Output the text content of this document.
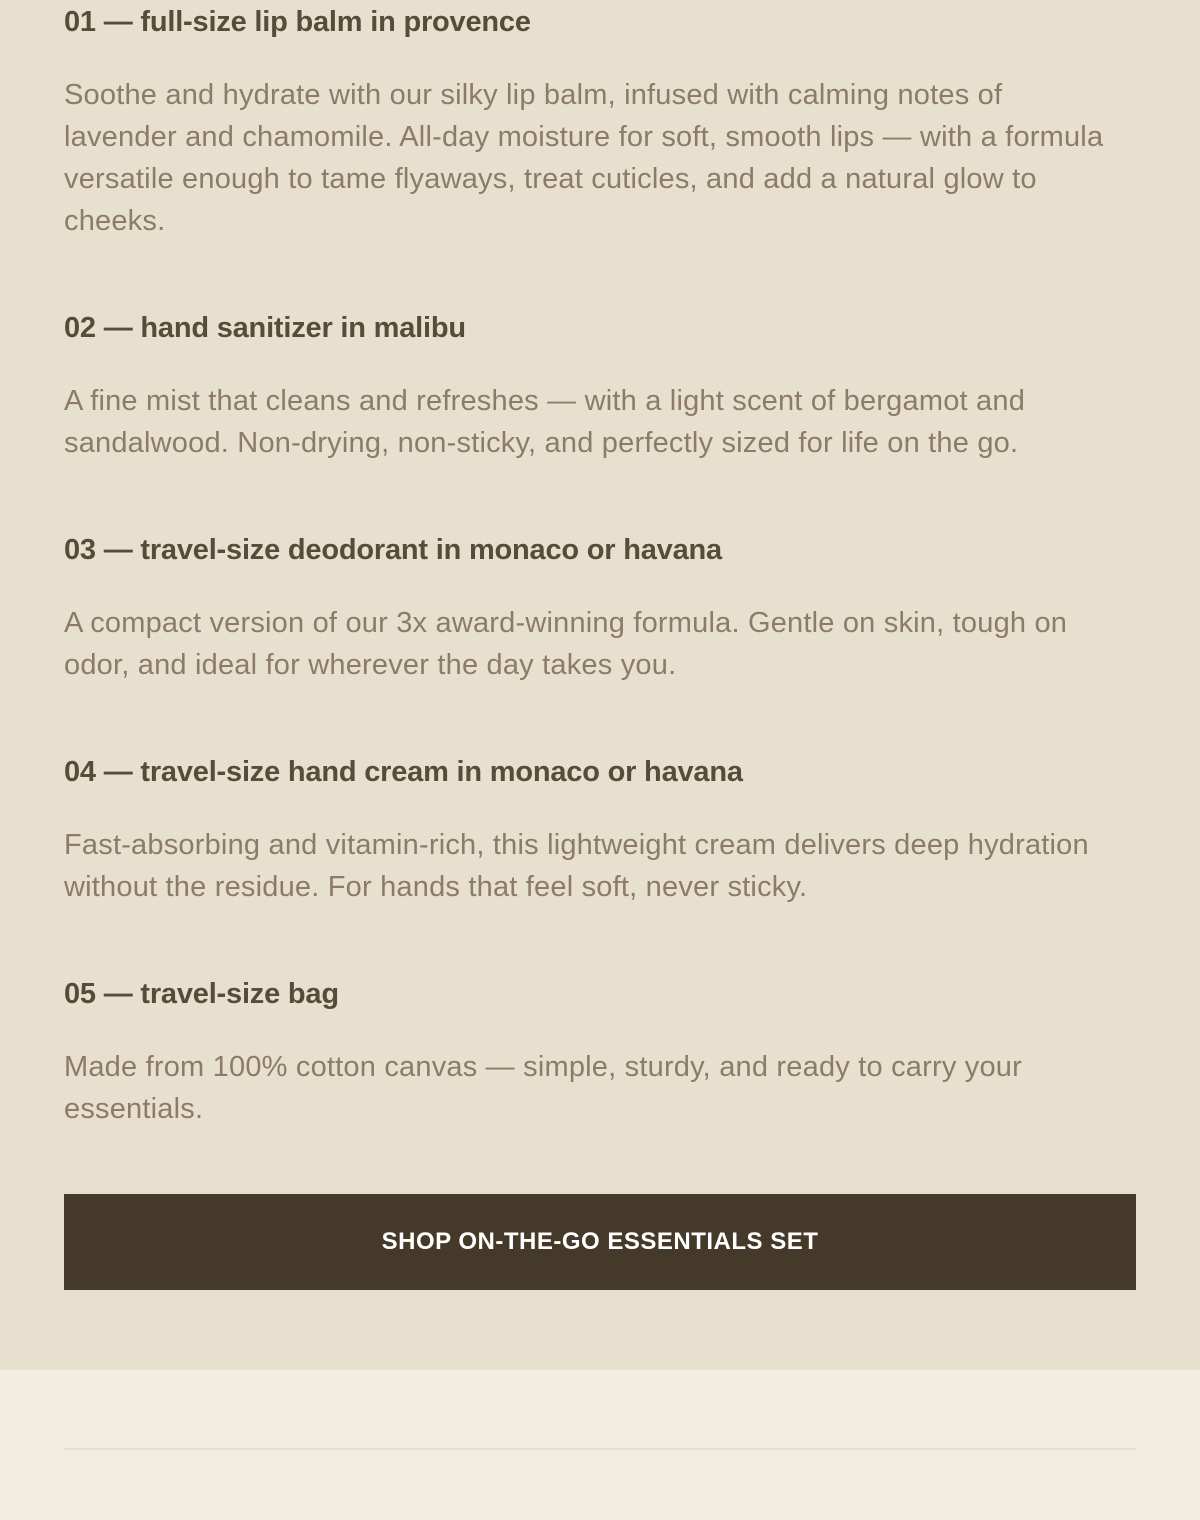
01 — full-size lip balm in provence

Soothe and hydrate with our silky lip balm, infused with calming notes of lavender and chamomile. All-day moisture for soft, smooth lips — with a formula versatile enough to tame flyaways, treat cuticles, and add a natural glow to cheeks.

02 — hand sanitizer in malibu

A fine mist that cleans and refreshes — with a light scent of bergamot and sandalwood. Non-drying, non-sticky, and perfectly sized for life on the go.

03 — travel-size deodorant in monaco or havana

A compact version of our 3x award-winning formula. Gentle on skin, tough on odor, and ideal for wherever the day takes you.

04 — travel-size hand cream in monaco or havana

Fast-absorbing and vitamin-rich, this lightweight cream delivers deep hydration without the residue. For hands that feel soft, never sticky.

05 — travel-size bag

Made from 100% cotton canvas — simple, sturdy, and ready to carry your essentials.

SHOP ON-THE-GO ESSENTIALS SET
